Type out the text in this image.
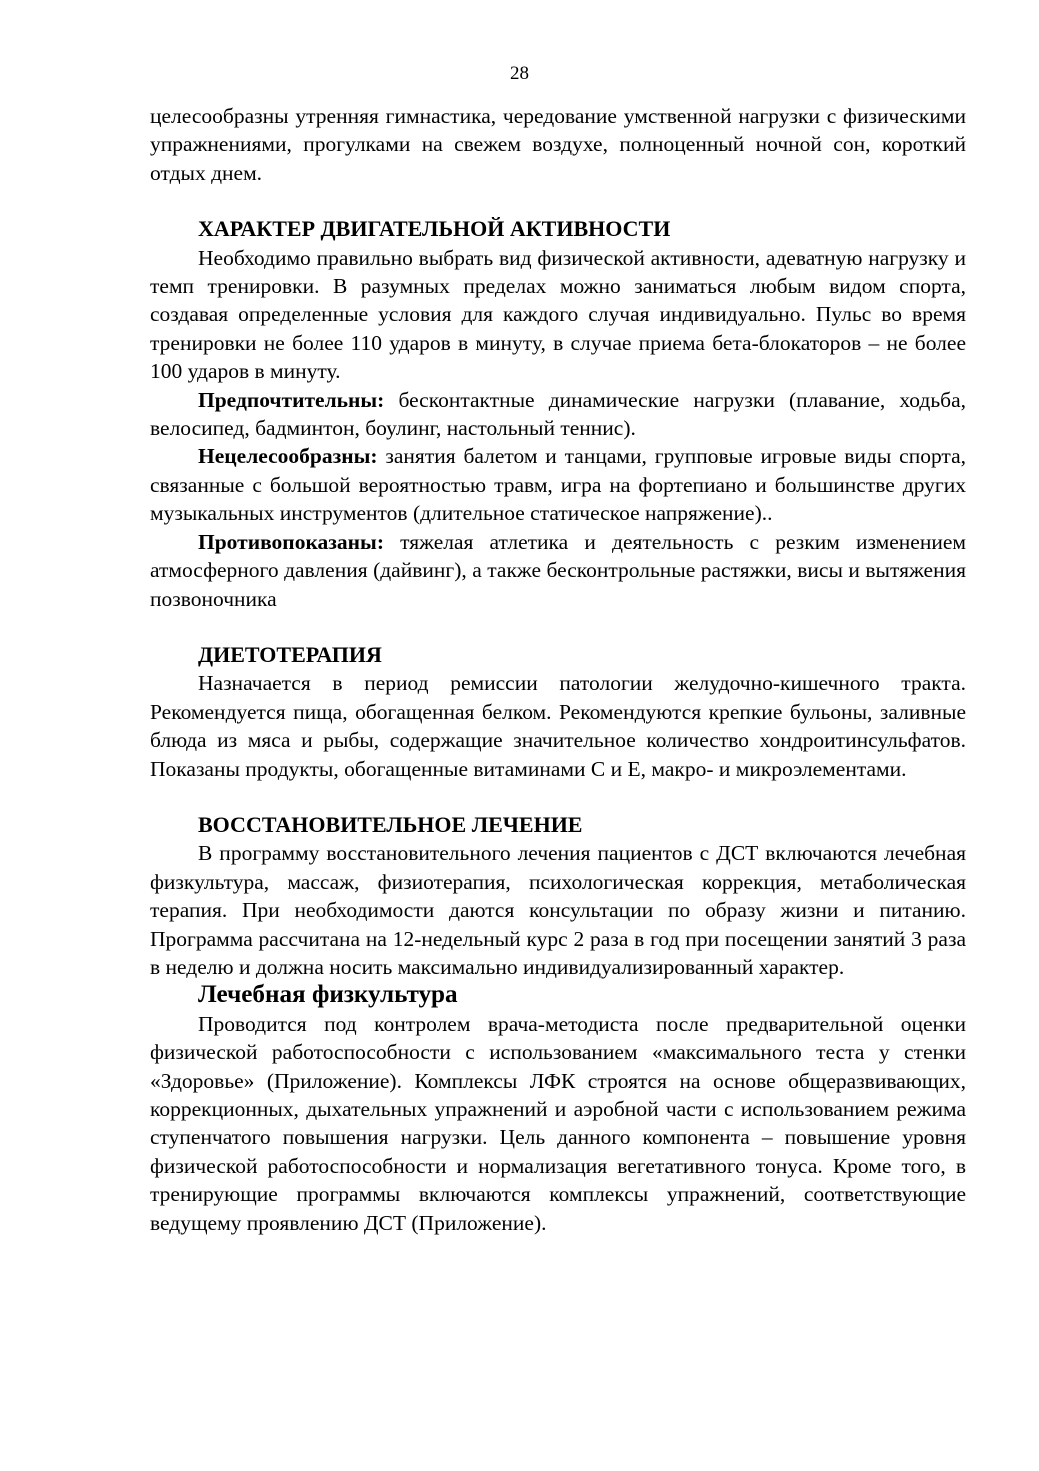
28

целесообразны утренняя гимнастика, чередование умственной нагрузки с физическими упражнениями, прогулками на свежем воздухе, полноценный ночной сон, короткий отдых днем.

ХАРАКТЕР ДВИГАТЕЛЬНОЙ АКТИВНОСТИ

Необходимо правильно выбрать вид физической активности, адеватную нагрузку и темп тренировки. В разумных пределах можно заниматься любым видом спорта, создавая определенные условия для каждого случая индивидуально. Пульс во время тренировки не более 110 ударов в минуту, в случае приема бета-блокаторов – не более 100 ударов в минуту.

Предпочтительны: бесконтактные динамические нагрузки (плавание, ходьба, велосипед, бадминтон, боулинг, настольный теннис).

Нецелесообразны: занятия балетом и танцами, групповые игровые виды спорта, связанные с большой вероятностью травм, игра на фортепиано и большинстве других музыкальных инструментов (длительное статическое напряжение)..

Противопоказаны: тяжелая атлетика и деятельность с резким изменением атмосферного давления (дайвинг), а также бесконтрольные растяжки, висы и вытяжения позвоночника

ДИЕТОТЕРАПИЯ

Назначается в период ремиссии патологии желудочно-кишечного тракта. Рекомендуется пища, обогащенная белком. Рекомендуются крепкие бульоны, заливные блюда из мяса и рыбы, содержащие значительное количество хондроитинсульфатов. Показаны продукты, обогащенные витаминами С и Е, макро- и микроэлементами.

ВОССТАНОВИТЕЛЬНОЕ ЛЕЧЕНИЕ

В программу восстановительного лечения пациентов с ДСТ включаются лечебная физкультура, массаж, физиотерапия, психологическая коррекция, метаболическая терапия. При необходимости даются консультации по образу жизни и питанию. Программа рассчитана на 12-недельный курс 2 раза в год при посещении занятий 3 раза в неделю и должна носить максимально индивидуализированный характер.

Лечебная физкультура

Проводится под контролем врача-методиста после предварительной оценки физической работоспособности с использованием «максимального теста у стенки «Здоровье» (Приложение). Комплексы ЛФК строятся на основе общеразвивающих, коррекционных, дыхательных упражнений и аэробной части с использованием режима ступенчатого повышения нагрузки. Цель данного компонента – повышение уровня физической работоспособности и нормализация вегетативного тонуса. Кроме того, в тренирующие программы включаются комплексы упражнений, соответствующие ведущему проявлению ДСТ (Приложение).
